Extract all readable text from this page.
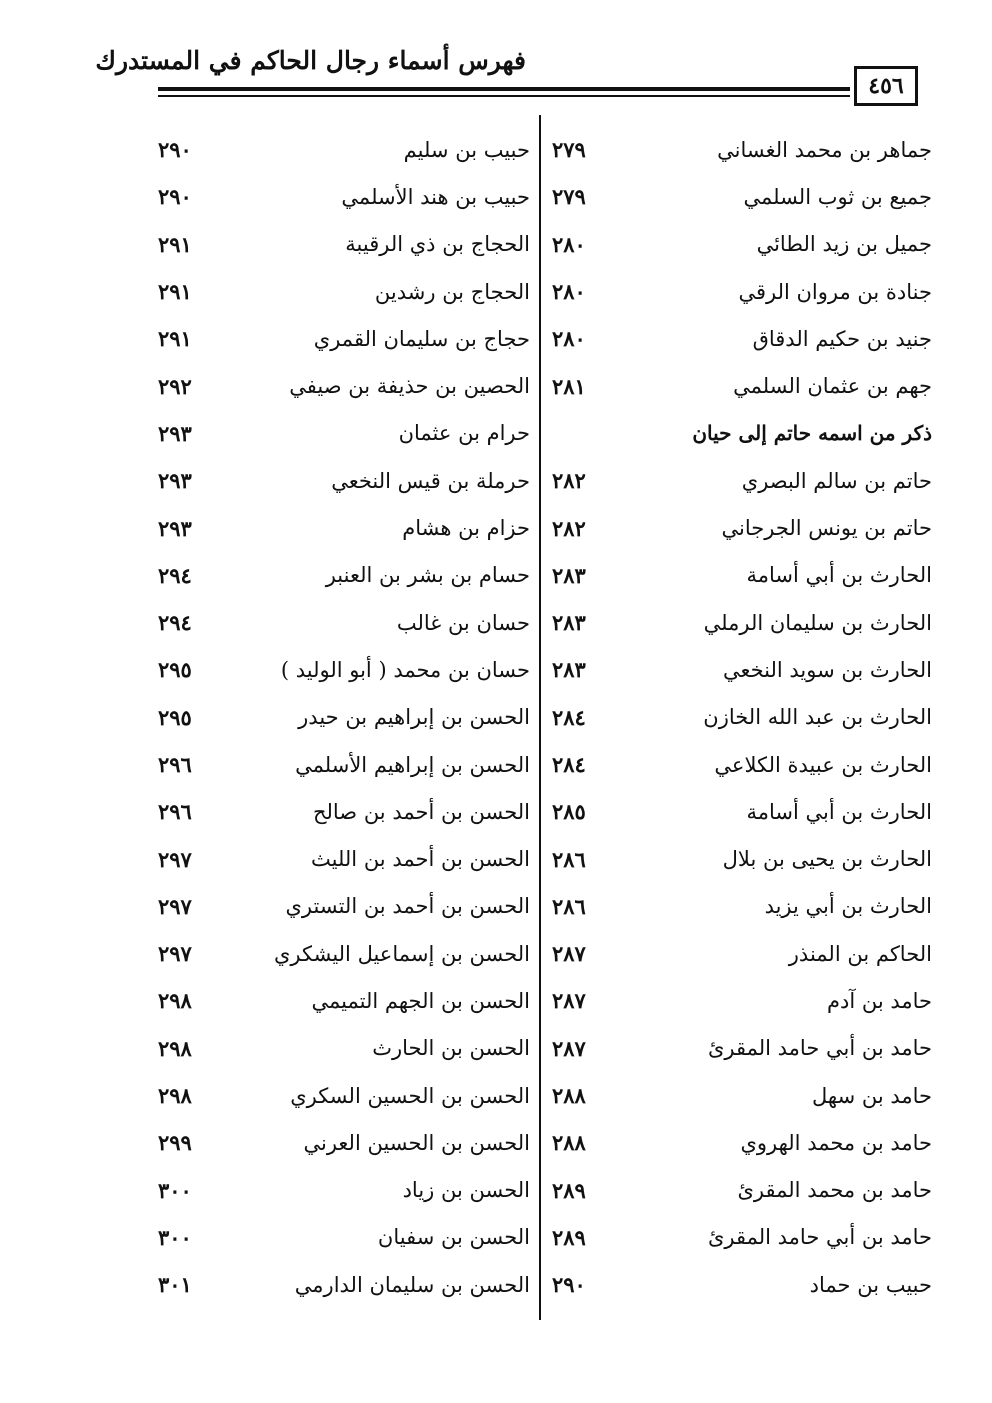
فهرس أسماء رجال الحاكم في المستدرك
٤٥٦
جماهر بن محمد الغساني
٢٧٩
جميع بن ثوب السلمي
٢٧٩
جميل بن زيد الطائي
٢٨٠
جنادة بن مروان الرقي
٢٨٠
جنيد بن حكيم الدقاق
٢٨٠
جهم بن عثمان السلمي
٢٨١
ذكر من اسمه حاتم إلى حيان
حاتم بن سالم البصري
٢٨٢
حاتم بن يونس الجرجاني
٢٨٢
الحارث بن أبي أسامة
٢٨٣
الحارث بن سليمان الرملي
٢٨٣
الحارث بن سويد النخعي
٢٨٣
الحارث بن عبد الله الخازن
٢٨٤
الحارث بن عبيدة الكلاعي
٢٨٤
الحارث بن أبي أسامة
٢٨٥
الحارث بن يحيى بن بلال
٢٨٦
الحارث بن أبي يزيد
٢٨٦
الحاكم بن المنذر
٢٨٧
حامد بن آدم
٢٨٧
حامد بن أبي حامد المقرئ
٢٨٧
حامد بن سهل
٢٨٨
حامد بن محمد الهروي
٢٨٨
حامد بن محمد المقرئ
٢٨٩
حامد بن أبي حامد المقرئ
٢٨٩
حبيب بن حماد
٢٩٠
حبيب بن سليم
٢٩٠
حبيب بن هند الأسلمي
٢٩٠
الحجاج بن ذي الرقيبة
٢٩١
الحجاج بن رشدين
٢٩١
حجاج بن سليمان القمري
٢٩١
الحصين بن حذيفة بن صيفي
٢٩٢
حرام بن عثمان
٢٩٣
حرملة بن قيس النخعي
٢٩٣
حزام بن هشام
٢٩٣
حسام بن بشر بن العنبر
٢٩٤
حسان بن غالب
٢٩٤
حسان بن محمد ( أبو الوليد )
٢٩٥
الحسن بن إبراهيم بن حيدر
٢٩٥
الحسن بن إبراهيم الأسلمي
٢٩٦
الحسن بن أحمد بن صالح
٢٩٦
الحسن بن أحمد بن الليث
٢٩٧
الحسن بن أحمد بن التستري
٢٩٧
الحسن بن إسماعيل اليشكري
٢٩٧
الحسن بن الجهم التميمي
٢٩٨
الحسن بن الحارث
٢٩٨
الحسن بن الحسين السكري
٢٩٨
الحسن بن الحسين العرني
٢٩٩
الحسن بن زياد
٣٠٠
الحسن بن سفيان
٣٠٠
الحسن بن سليمان الدارمي
٣٠١
